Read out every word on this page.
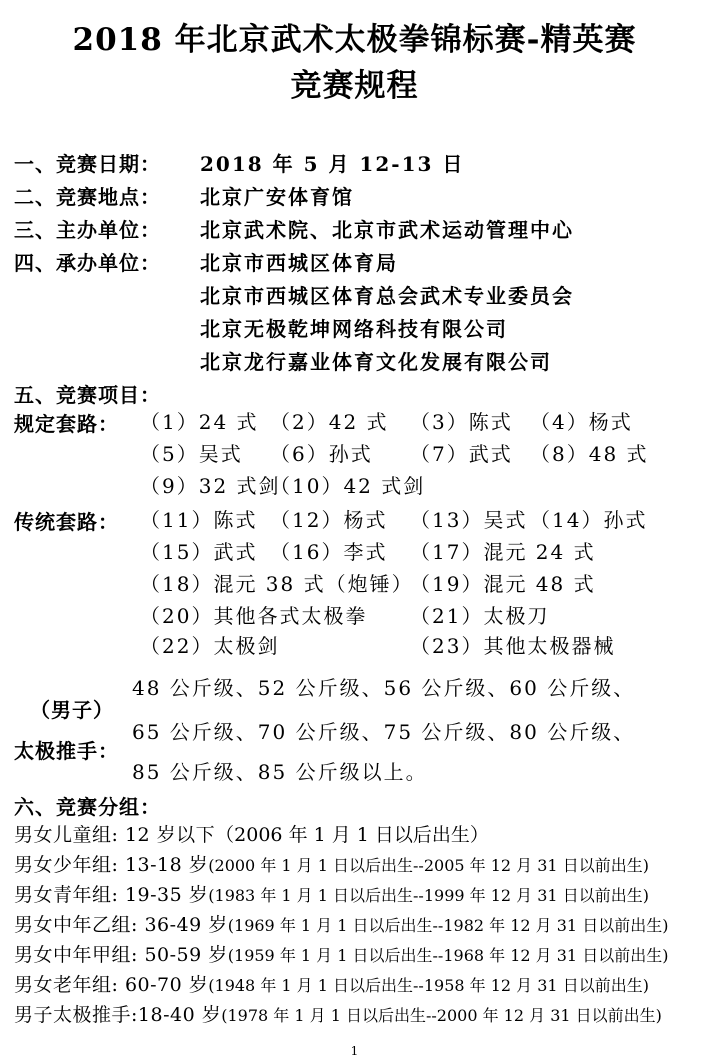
2018 年北京武术太极拳锦标赛-精英赛
竞赛规程
一、竞赛日期： 2018 年 5 月 12-13 日
二、竞赛地点： 北京广安体育馆
三、主办单位： 北京武术院、北京市武术运动管理中心
四、承办单位： 北京市西城区体育局
北京市西城区体育总会武术专业委员会
北京无极乾坤网络科技有限公司
北京龙行嘉业体育文化发展有限公司
五、竞赛项目：
规定套路： （1）24 式 （2）42 式 （3）陈式 （4）杨式
（5）吴式 （6）孙式 （7）武式 （8）48 式
（9）32 式剑
（10）42 式剑
传统套路： （11）陈式 （12）杨式 （13）吴式 （14）孙式
（15）武式 （16）李式 （17）混元 24 式
（18）混元 38 式（炮锤）
（19）混元 48 式
（20）其他各式太极拳 （21）太极刀
（22）太极剑	（23）其他太极器械
（男子）
太极推手：
48 公斤级、52 公斤级、56 公斤级、60 公斤级、
65 公斤级、70 公斤级、75 公斤级、80 公斤级、
85 公斤级、85 公斤级以上。
六、竞赛分组：
男女儿童组: 12 岁以下（2006 年 1 月 1 日以后出生）
男女少年组: 13-18 岁(2000 年 1 月 1 日以后出生--2005 年 12 月 31 日以前出生)
男女青年组: 19-35 岁(1983 年 1 月 1 日以后出生--1999 年 12 月 31 日以前出生)
男女中年乙组: 36-49 岁(1969 年 1 月 1 日以后出生--1982 年 12 月 31 日以前出生)
男女中年甲组: 50-59 岁(1959 年 1 月 1 日以后出生--1968 年 12 月 31 日以前出生)
男女老年组: 60-70 岁(1948 年 1 月 1 日以后出生--1958 年 12 月 31 日以前出生)
男子太极推手:18-40 岁(1978 年 1 月 1 日以后出生--2000 年 12 月 31 日以前出生)
1
